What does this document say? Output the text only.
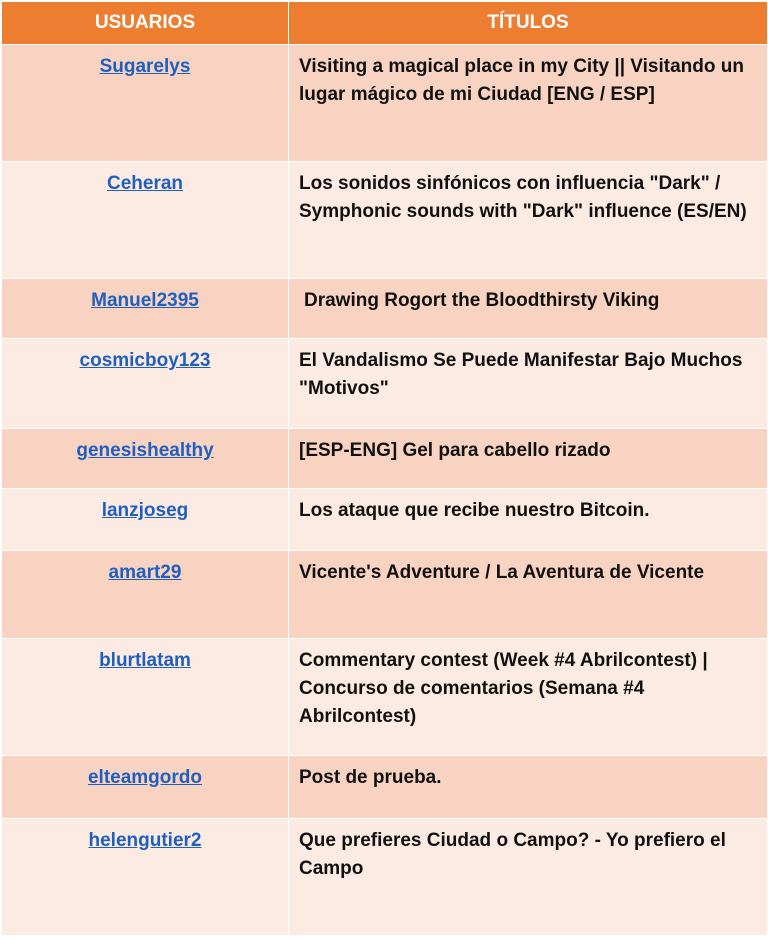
USUARIOS	TÍTULOS
Sugarelys	Visiting a magical place in my City || Visitando un lugar mágico de mi Ciudad [ENG / ESP]
Ceheran	Los sonidos sinfónicos con influencia "Dark" / Symphonic sounds with "Dark" influence (ES/EN)
Manuel2395	Drawing Rogort the Bloodthirsty Viking
cosmicboy123	El Vandalismo Se Puede Manifestar Bajo Muchos "Motivos"
genesishealthy	[ESP-ENG] Gel para cabello rizado
lanzjoseg	Los ataque que recibe nuestro Bitcoin.
amart29	Vicente's Adventure / La Aventura de Vicente
blurtlatam	Commentary contest (Week #4 Abrilcontest) | Concurso de comentarios (Semana #4 Abrilcontest)
elteamgordo	Post de prueba.
helengutier2	Que prefieres Ciudad o Campo? - Yo prefiero el Campo
